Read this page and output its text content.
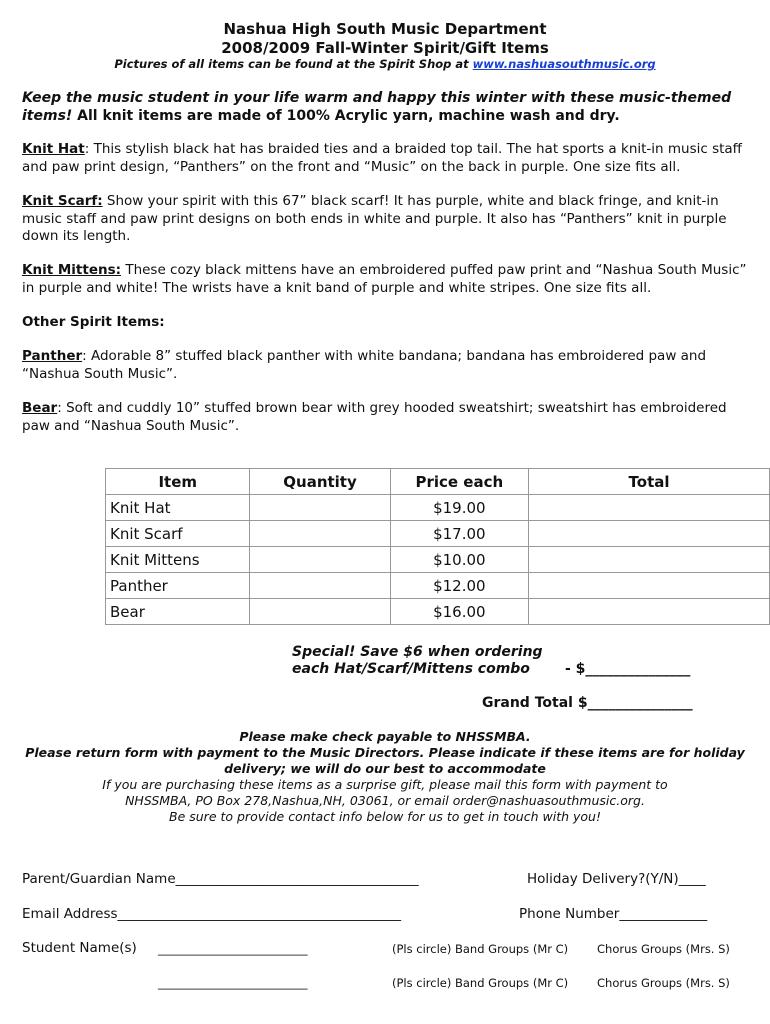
Nashua High South Music Department
2008/2009 Fall-Winter Spirit/Gift Items
Pictures of all items can be found at the Spirit Shop at www.nashuasouthmusic.org
Keep the music student in your life warm and happy this winter with these music-themed items! All knit items are made of 100% Acrylic yarn, machine wash and dry.
Knit Hat: This stylish black hat has braided ties and a braided top tail. The hat sports a knit-in music staff and paw print design, “Panthers” on the front and “Music” on the back in purple. One size fits all.
Knit Scarf: Show your spirit with this 67” black scarf! It has purple, white and black fringe, and knit-in music staff and paw print designs on both ends in white and purple. It also has “Panthers” knit in purple down its length.
Knit Mittens: These cozy black mittens have an embroidered puffed paw print and “Nashua South Music” in purple and white! The wrists have a knit band of purple and white stripes. One size fits all.
Other Spirit Items:
Panther: Adorable 8” stuffed black panther with white bandana; bandana has embroidered paw and “Nashua South Music”.
Bear: Soft and cuddly 10” stuffed brown bear with grey hooded sweatshirt; sweatshirt has embroidered paw and “Nashua South Music”.
Item	Quantity	Price each	Total
Knit Hat		$19.00	
Knit Scarf		$17.00	
Knit Mittens		$10.00	
Panther		$12.00	
Bear		$16.00	
Special! Save $6 when ordering
each Hat/Scarf/Mittens combo	- $_______________
Grand Total $_______________
Please make check payable to NHSSMBA.
Please return form with payment to the Music Directors. Please indicate if these items are for holiday delivery; we will do our best to accommodate
If you are purchasing these items as a surprise gift, please mail this form with payment to
NHSSMBA, PO Box 278,Nashua,NH, 03061, or email order@nashuasouthmusic.org.
Be sure to provide contact info below for us to get in touch with you!
Parent/Guardian Name____________________________________	Holiday Delivery?(Y/N)____
Email Address__________________________________________	Phone Number_____________
Student Name(s) __________________________	(Pls circle) Band Groups (Mr C)	Chorus Groups (Mrs. S)
__________________________	(Pls circle) Band Groups (Mr C)	Chorus Groups (Mrs. S)
